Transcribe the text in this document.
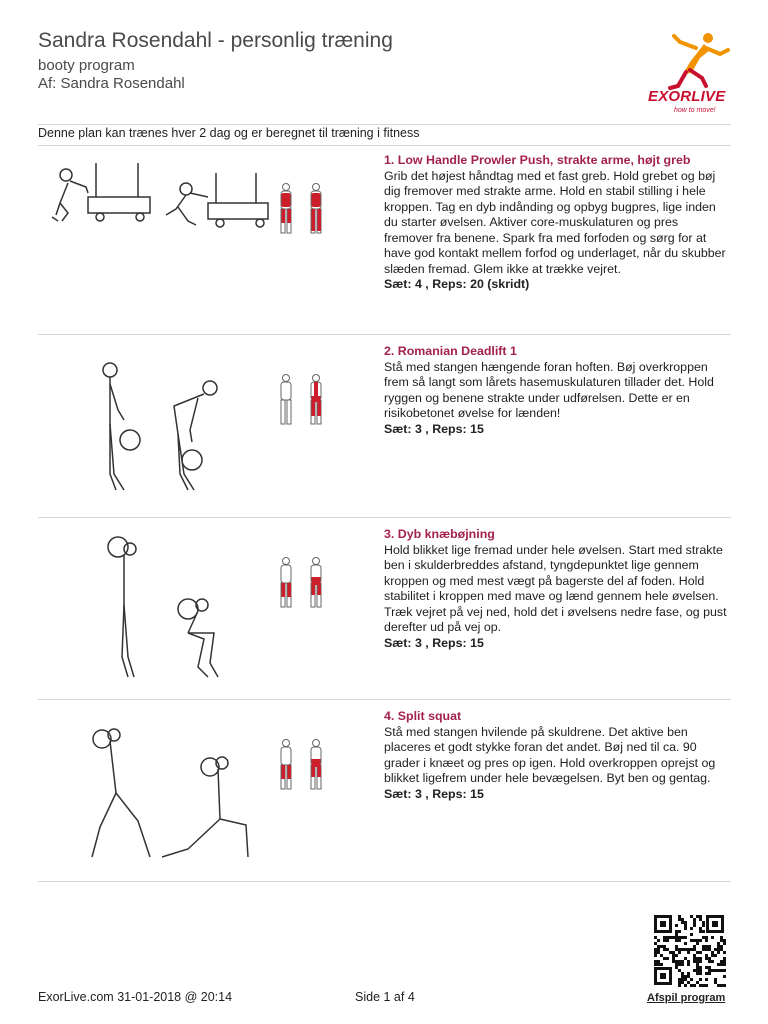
Sandra Rosendahl - personlig træning
booty program
Af: Sandra Rosendahl
EXORLIVE
how to move!
Denne plan kan trænes hver 2 dag og er beregnet til træning i fitness
1. Low Handle Prowler Push, strakte arme, højt greb

Grib det højest håndtag med et fast greb. Hold grebet og bøj dig fremover med strakte arme. Hold en stabil stilling i hele kroppen. Tag en dyb indånding og opbyg bugpres, lige inden du starter øvelsen. Aktiver core-muskulaturen og pres fremover fra benene. Spark fra med forfoden og sørg for at have god kontakt mellem forfod og underlaget, når du skubber slæden fremad. Glem ikke at trække vejret.

Sæt: 4 , Reps: 20 (skridt)
2. Romanian Deadlift 1

Stå med stangen hængende foran hoften. Bøj overkroppen frem så langt som lårets hasemuskulaturen tillader det. Hold ryggen og benene strakte under udførelsen. Dette er en risikobetonet øvelse for lænden!

Sæt: 3 , Reps: 15
3. Dyb knæbøjning

Hold blikket lige fremad under hele øvelsen. Start med strakte ben i skulderbreddes afstand, tyngdepunktet lige gennem kroppen og med mest vægt på bagerste del af foden. Hold stabilitet i kroppen med mave og lænd gennem hele øvelsen. Træk vejret på vej ned, hold det i øvelsens nedre fase, og pust derefter ud på vej op.

Sæt: 3 , Reps: 15
4. Split squat

Stå med stangen hvilende på skuldrene. Det aktive ben placeres et godt stykke foran det andet. Bøj ned til ca. 90 grader i knæet og pres op igen. Hold overkroppen oprejst og blikket ligefrem under hele bevægelsen. Byt ben og gentag.

Sæt: 3 , Reps: 15
ExorLive.com 31-01-2018 @ 20:14	Side 1 af 4	Afspil program
